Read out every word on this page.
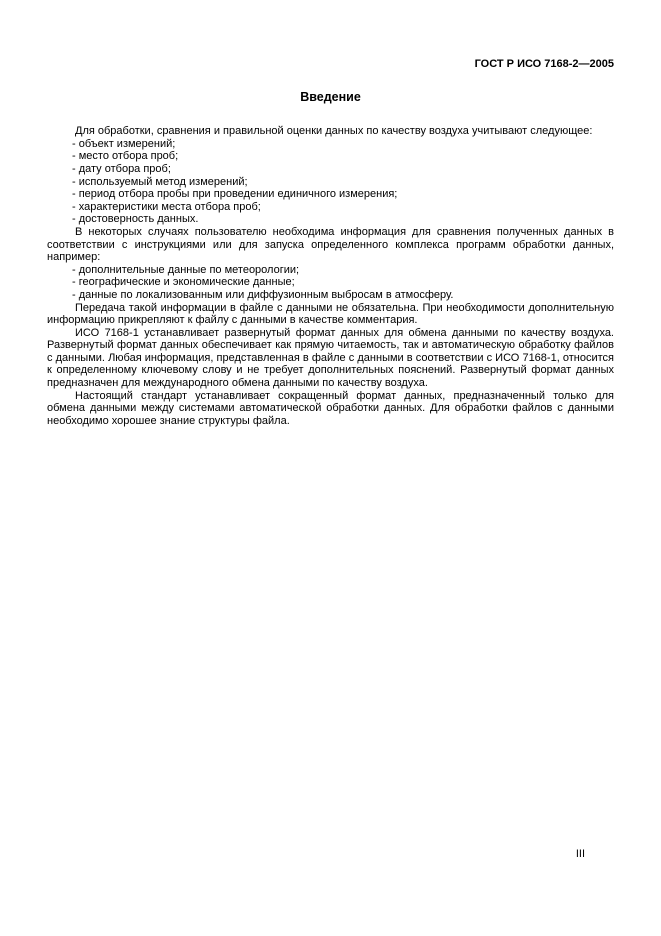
ГОСТ Р ИСО 7168-2—2005
Введение

Для обработки, сравнения и правильной оценки данных по качеству воздуха учитывают следующее:

- объект измерений;

- место отбора проб;

- дату отбора проб;

- используемый метод измерений;

- период отбора пробы при проведении единичного измерения;

- характеристики места отбора проб;

- достоверность данных.

В некоторых случаях пользователю необходима информация для сравнения полученных данных в соответствии с инструкциями или для запуска определенного комплекса программ обработки данных, например:

- дополнительные данные по метеорологии;

- географические и экономические данные;

- данные по локализованным или диффузионным выбросам в атмосферу.

Передача такой информации в файле с данными не обязательна. При необходимости дополнительную информацию прикрепляют к файлу с данными в качестве комментария.

ИСО 7168-1 устанавливает развернутый формат данных для обмена данными по качеству воздуха. Развернутый формат данных обеспечивает как прямую читаемость, так и автоматическую обработку файлов с данными. Любая информация, представленная в файле с данными в соответствии с ИСО 7168-1, относится к определенному ключевому слову и не требует дополнительных пояснений. Развернутый формат данных предназначен для международного обмена данными по качеству воздуха.

Настоящий стандарт устанавливает сокращенный формат данных, предназначенный только для обмена данными между системами автоматической обработки данных. Для обработки файлов с данными необходимо хорошее знание структуры файла.

III
